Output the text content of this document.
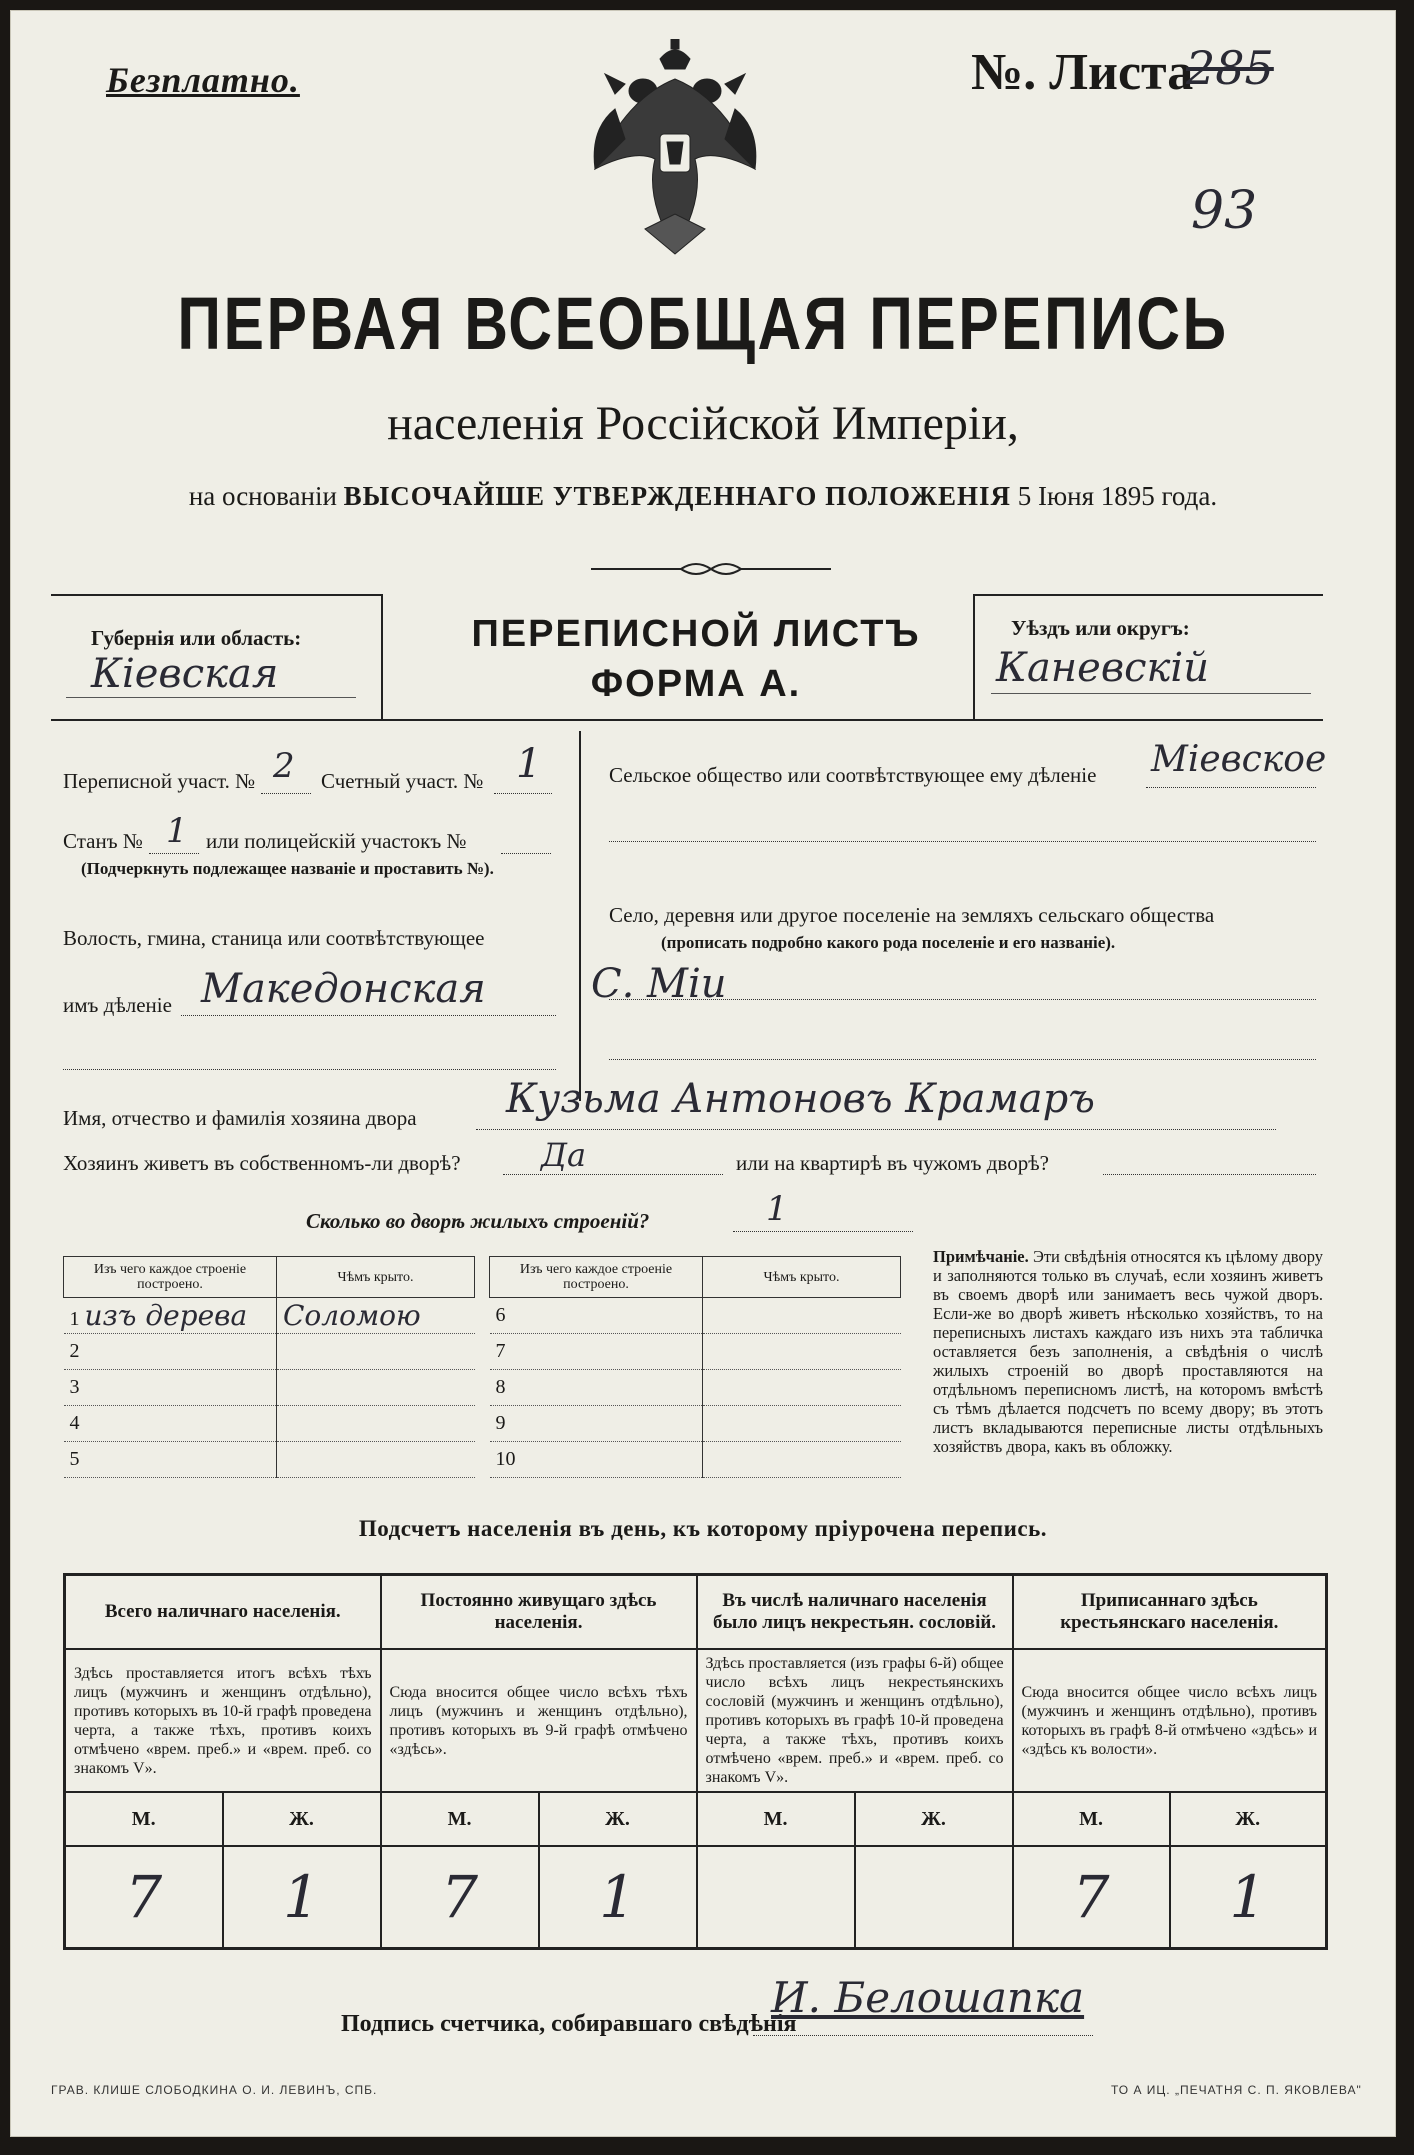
Безплатно.	№. Листа
285
93
ПЕРВАЯ ВСЕОБЩАЯ ПЕРЕПИСЬ
населенія Россійской Имперіи,
на основаніи ВЫСОЧАЙШЕ УТВЕРЖДЕННАГО ПОЛОЖЕНІЯ 5 Іюня 1895 года.
Губернія или область:
Кiевская
ПЕРЕПИСНОЙ ЛИСТЪ
ФОРМА А.
Уѣздъ или округъ:
Каневскiй
Переписной участ. № 2 Счетный участ. № 1
Станъ № 1 или полицейскій участокъ №
(Подчеркнуть подлежащее названіе и проставить №).
Волость, гмина, станица или соотвѣтствующее
имъ дѣленіе Македонская
Сельское общество или соотвѣтствующее ему дѣленіе Мiевское
Село, деревня или другое поселеніе на земляхъ сельскаго общества
(прописать подробно какого рода поселеніе и его названіе).
С. Мiи
Имя, отчество и фамилія хозяина двора Кузьма Антоновъ Крамаръ
Хозяинъ живетъ въ собственномъ-ли дворѣ?	Да	или на квартирѣ въ чужомъ дворѣ?
Сколько во дворѣ жилыхъ строеній?	1
Изъ чего каждое строеніе построено.	Чѣмъ крыто.
1 изъ дерева	Соломою
2	
3	
4	
5	
Изъ чего каждое строеніе построено.	Чѣмъ крыто.
6	
7	
8	
9	
10	
Примѣчаніе. Эти свѣдѣнія относятся къ цѣлому двору и заполняются только въ случаѣ, если хозяинъ живетъ въ своемъ дворѣ или занимаетъ весь чужой дворъ. Если-же во дворѣ живетъ нѣсколько хозяйствъ, то на переписныхъ листахъ каждаго изъ нихъ эта табличка оставляется безъ заполненія, а свѣдѣнія о числѣ жилыхъ строеній во дворѣ проставляются на отдѣльномъ переписномъ листѣ, на которомъ вмѣстѣ съ тѣмъ дѣлается подсчетъ по всему двору; въ этотъ листъ вкладываются переписные листы отдѣльныхъ хозяйствъ двора, какъ въ обложку.
Подсчетъ населенія въ день, къ которому пріурочена перепись.
Всего наличнаго населенія.		Постоянно живущаго здѣсь населенія.		Въ числѣ наличнаго населенія было лицъ некрестьян. сословій.		Приписаннаго здѣсь крестьянскаго населенія.	
Здѣсь проставляется итогъ всѣхъ тѣхъ лицъ (мужчинъ и женщинъ отдѣльно), противъ которыхъ въ 10-й графѣ проведена черта, а также тѣхъ, противъ коихъ отмѣчено «врем. преб.» и «врем. преб. со знакомъ V».		Сюда вносится общее число всѣхъ тѣхъ лицъ (мужчинъ и женщинъ отдѣльно), противъ которыхъ въ 9-й графѣ отмѣчено «здѣсь».		Здѣсь проставляется (изъ графы 6-й) общее число всѣхъ лицъ некрестьянскихъ сословій (мужчинъ и женщинъ отдѣльно), противъ которыхъ въ графѣ 10-й проведена черта, а также тѣхъ, противъ коихъ отмѣчено «врем. преб.» и «врем. преб. со знакомъ V».		Сюда вносится общее число всѣхъ лицъ (мужчинъ и женщинъ отдѣльно), противъ которыхъ въ графѣ 8-й отмѣчено «здѣсь» и «здѣсь къ волости».	
М.	Ж.	М.	Ж.	М.	Ж.	М.	Ж.
7	1	7	1			7	1
Подпись счетчика, собиравшаго свѣдѣнія
И. Белошапка
ГРАВ. КЛИШЕ СЛОБОДКИНА О. И. ЛЕВИНЪ, СПБ.	ТО А ИЦ. „ПЕЧАТНЯ С. П. ЯКОВЛЕВА"
